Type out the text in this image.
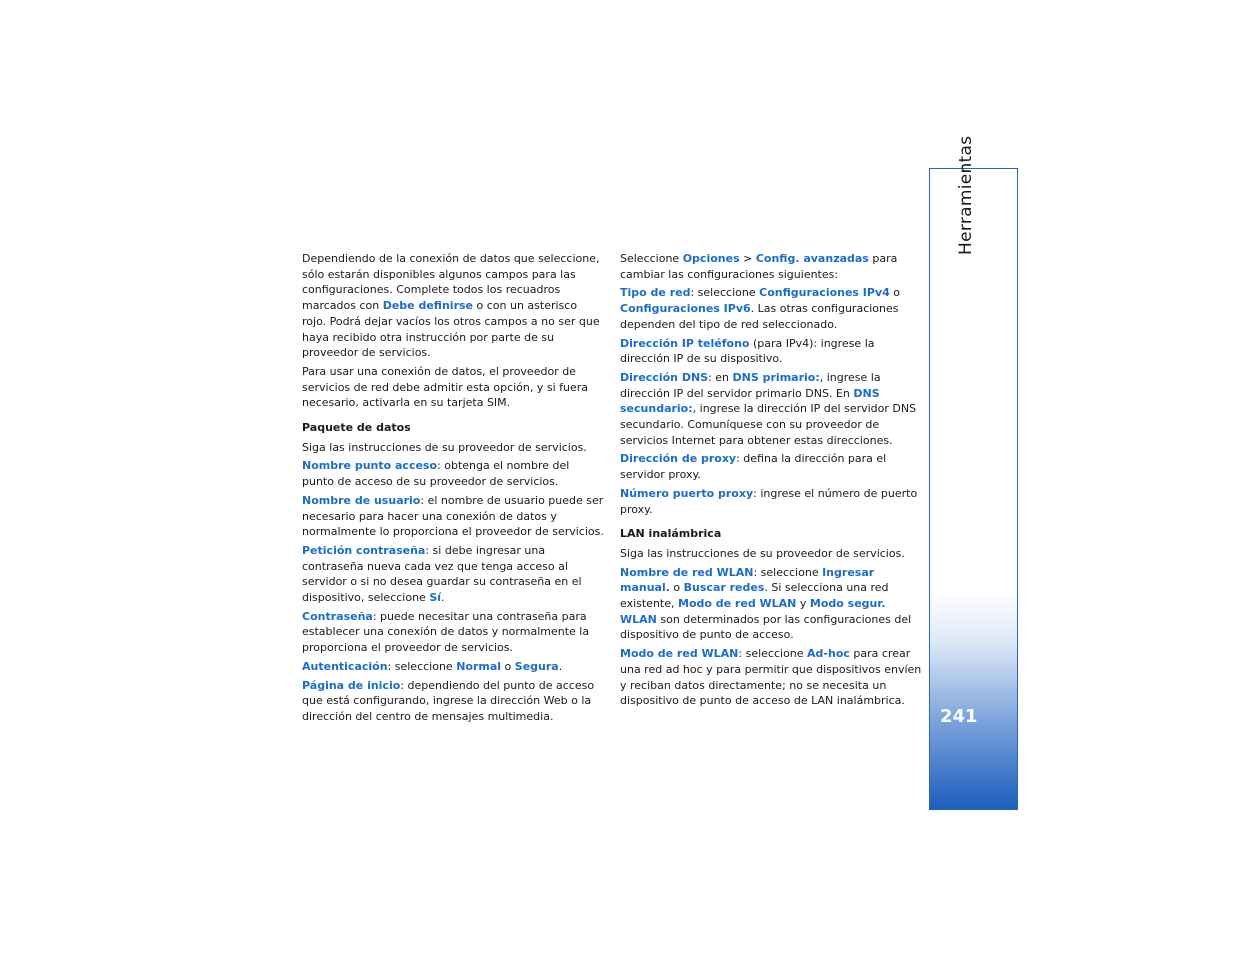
Dependiendo de la conexión de datos que seleccione, sólo estarán disponibles algunos campos para las configuraciones. Complete todos los recuadros marcados con Debe definirse o con un asterisco rojo. Podrá dejar vacíos los otros campos a no ser que haya recibido otra instrucción por parte de su proveedor de servicios.

Para usar una conexión de datos, el proveedor de servicios de red debe admitir esta opción, y si fuera necesario, activarla en su tarjeta SIM.

Paquete de datos

Siga las instrucciones de su proveedor de servicios.

Nombre punto acceso: obtenga el nombre del punto de acceso de su proveedor de servicios.

Nombre de usuario: el nombre de usuario puede ser necesario para hacer una conexión de datos y normalmente lo proporciona el proveedor de servicios.

Petición contraseña: si debe ingresar una contraseña nueva cada vez que tenga acceso al servidor o si no desea guardar su contraseña en el dispositivo, seleccione Sí.

Contraseña: puede necesitar una contraseña para establecer una conexión de datos y normalmente la proporciona el proveedor de servicios.

Autenticación: seleccione Normal o Segura.

Página de inicio: dependiendo del punto de acceso que está configurando, ingrese la dirección Web o la dirección del centro de mensajes multimedia.

Seleccione Opciones > Config. avanzadas para cambiar las configuraciones siguientes:

Tipo de red: seleccione Configuraciones IPv4 o Configuraciones IPv6. Las otras configuraciones dependen del tipo de red seleccionado.

Dirección IP teléfono (para IPv4): ingrese la dirección IP de su dispositivo.

Dirección DNS: en DNS primario:, ingrese la dirección IP del servidor primario DNS. En DNS secundario:, ingrese la dirección IP del servidor DNS secundario. Comuníquese con su proveedor de servicios Internet para obtener estas direcciones.

Dirección de proxy: defina la dirección para el servidor proxy.

Número puerto proxy: ingrese el número de puerto proxy.

LAN inalámbrica

Siga las instrucciones de su proveedor de servicios.

Nombre de red WLAN: seleccione Ingresar manual. o Buscar redes. Si selecciona una red existente, Modo de red WLAN y Modo segur. WLAN son determinados por las configuraciones del dispositivo de punto de acceso.

Modo de red WLAN: seleccione Ad-hoc para crear una red ad hoc y para permitir que dispositivos envíen y reciban datos directamente; no se necesita un dispositivo de punto de acceso de LAN inalámbrica.

Herramientas
241
